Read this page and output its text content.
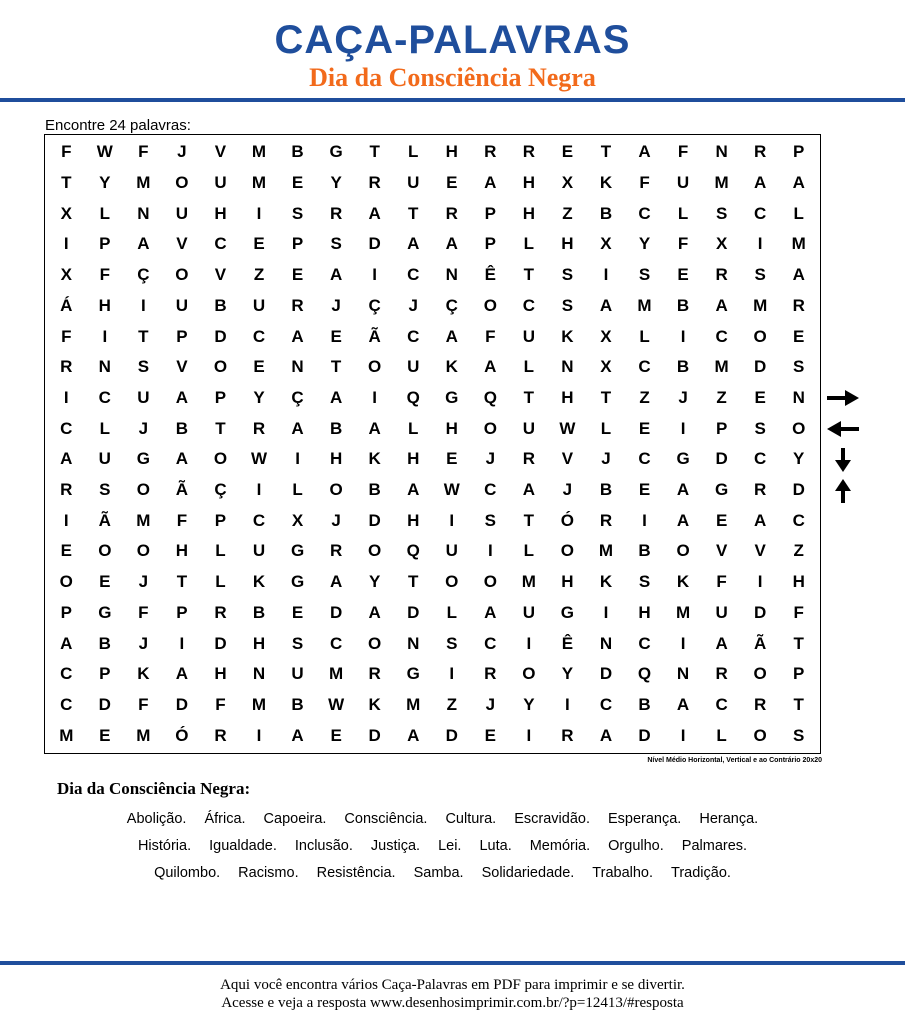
CAÇA-PALAVRAS
Dia da Consciência Negra
Encontre 24 palavras:
F	W	F	J	V	M	B	G	T	L	H	R	R	E	T	A	F	N	R	P
T	Y	M	O	U	M	E	Y	R	U	E	A	H	X	K	F	U	M	A	A
X	L	N	U	H	I	S	R	A	T	R	P	H	Z	B	C	L	S	C	L
I	P	A	V	C	E	P	S	D	A	A	P	L	H	X	Y	F	X	I	M
X	F	Ç	O	V	Z	E	A	I	C	N	Ê	T	S	I	S	E	R	S	A
Á	H	I	U	B	U	R	J	Ç	J	Ç	O	C	S	A	M	B	A	M	R
F	I	T	P	D	C	A	E	Ã	C	A	F	U	K	X	L	I	C	O	E
R	N	S	V	O	E	N	T	O	U	K	A	L	N	X	C	B	M	D	S
I	C	U	A	P	Y	Ç	A	I	Q	G	Q	T	H	T	Z	J	Z	E	N
C	L	J	B	T	R	A	B	A	L	H	O	U	W	L	E	I	P	S	O
A	U	G	A	O	W	I	H	K	H	E	J	R	V	J	C	G	D	C	Y
R	S	O	Ã	Ç	I	L	O	B	A	W	C	A	J	B	E	A	G	R	D
I	Ã	M	F	P	C	X	J	D	H	I	S	T	Ó	R	I	A	E	A	C
E	O	O	H	L	U	G	R	O	Q	U	I	L	O	M	B	O	V	V	Z
O	E	J	T	L	K	G	A	Y	T	O	O	M	H	K	S	K	F	I	H
P	G	F	P	R	B	E	D	A	D	L	A	U	G	I	H	M	U	D	F
A	B	J	I	D	H	S	C	O	N	S	C	I	Ê	N	C	I	A	Ã	T
C	P	K	A	H	N	U	M	R	G	I	R	O	Y	D	Q	N	R	O	P
C	D	F	D	F	M	B	W	K	M	Z	J	Y	I	C	B	A	C	R	T
M	E	M	Ó	R	I	A	E	D	A	D	E	I	R	A	D	I	L	O	S
Nível Médio Horizontal, Vertical e ao Contrário 20x20
Dia da Consciência Negra:
Abolição. África. Capoeira. Consciência. Cultura. Escravidão. Esperança. Herança.
História. Igualdade. Inclusão. Justiça. Lei. Luta. Memória. Orgulho. Palmares.
Quilombo. Racismo. Resistência. Samba. Solidariedade. Trabalho. Tradição.
Aqui você encontra vários Caça-Palavras em PDF para imprimir e se divertir.
Acesse e veja a resposta www.desenhosimprimir.com.br/?p=12413/#resposta
